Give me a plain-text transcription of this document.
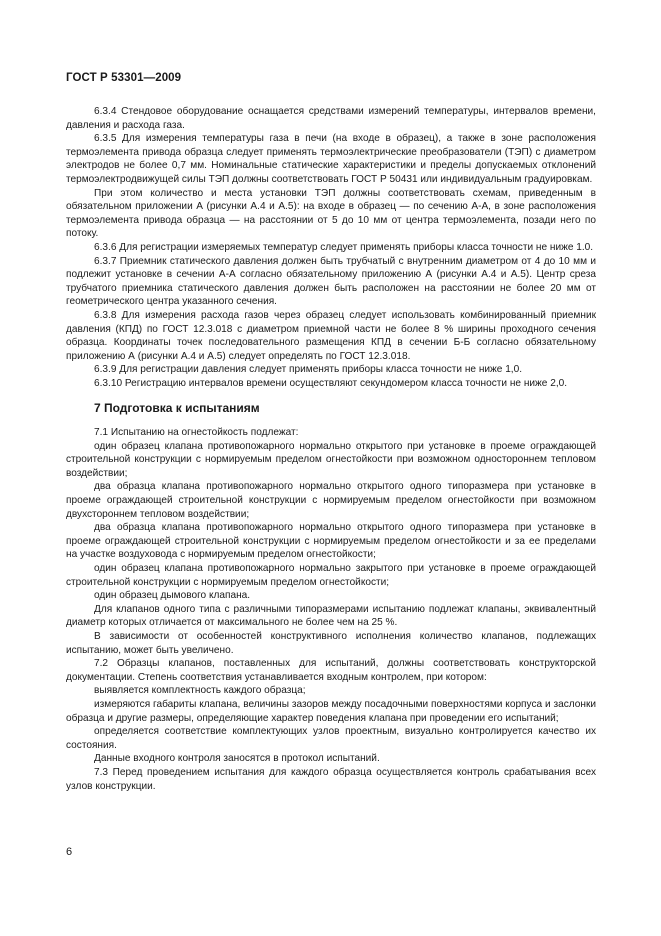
ГОСТ Р 53301—2009

6.3.4 Стендовое оборудование оснащается средствами измерений температуры, интервалов времени, давления и расхода газа.

6.3.5 Для измерения температуры газа в печи (на входе в образец), а также в зоне расположения термоэлемента привода образца следует применять термоэлектрические преобразователи (ТЭП) с диаметром электродов не более 0,7 мм. Номинальные статические характеристики и пределы допускаемых отклонений термоэлектродвижущей силы ТЭП должны соответствовать ГОСТ Р 50431 или индивидуальным градуировкам.

При этом количество и места установки ТЭП должны соответствовать схемам, приведенным в обязательном приложении А (рисунки А.4 и А.5): на входе в образец — по сечению А-А, в зоне расположения термоэлемента привода образца — на расстоянии от 5 до 10 мм от центра термоэлемента, позади него по потоку.

6.3.6 Для регистрации измеряемых температур следует применять приборы класса точности не ниже 1.0.

6.3.7 Приемник статического давления должен быть трубчатый с внутренним диаметром от 4 до 10 мм и подлежит установке в сечении А-А согласно обязательному приложению А (рисунки А.4 и А.5). Центр среза трубчатого приемника статического давления должен быть расположен на расстоянии не более 20 мм от геометрического центра указанного сечения.

6.3.8 Для измерения расхода газов через образец следует использовать комбинированный приемник давления (КПД) по ГОСТ 12.3.018 с диаметром приемной части не более 8 % ширины проходного сечения образца. Координаты точек последовательного размещения КПД в сечении Б-Б согласно обязательному приложению А (рисунки А.4 и А.5) следует определять по ГОСТ 12.3.018.

6.3.9 Для регистрации давления следует применять приборы класса точности не ниже 1,0.

6.3.10 Регистрацию интервалов времени осуществляют секундомером класса точности не ниже 2,0.

7 Подготовка к испытаниям

7.1 Испытанию на огнестойкость подлежат:

один образец клапана противопожарного нормально открытого при установке в проеме ограждающей строительной конструкции с нормируемым пределом огнестойкости при возможном одностороннем тепловом воздействии;

два образца клапана противопожарного нормально открытого одного типоразмера при установке в проеме ограждающей строительной конструкции с нормируемым пределом огнестойкости при возможном двухстороннем тепловом воздействии;

два образца клапана противопожарного нормально открытого одного типоразмера при установке в проеме ограждающей строительной конструкции с нормируемым пределом огнестойкости и за ее пределами на участке воздуховода с нормируемым пределом огнестойкости;

один образец клапана противопожарного нормально закрытого при установке в проеме ограждающей строительной конструкции с нормируемым пределом огнестойкости;

один образец дымового клапана.

Для клапанов одного типа с различными типоразмерами испытанию подлежат клапаны, эквивалентный диаметр которых отличается от максимального не более чем на 25 %.

В зависимости от особенностей конструктивного исполнения количество клапанов, подлежащих испытанию, может быть увеличено.

7.2 Образцы клапанов, поставленных для испытаний, должны соответствовать конструкторской документации. Степень соответствия устанавливается входным контролем, при котором:

выявляется комплектность каждого образца;

измеряются габариты клапана, величины зазоров между посадочными поверхностями корпуса и заслонки образца и другие размеры, определяющие характер поведения клапана при проведении его испытаний;

определяется соответствие комплектующих узлов проектным, визуально контролируется качество их состояния.

Данные входного контроля заносятся в протокол испытаний.

7.3 Перед проведением испытания для каждого образца осуществляется контроль срабатывания всех узлов конструкции.

6
